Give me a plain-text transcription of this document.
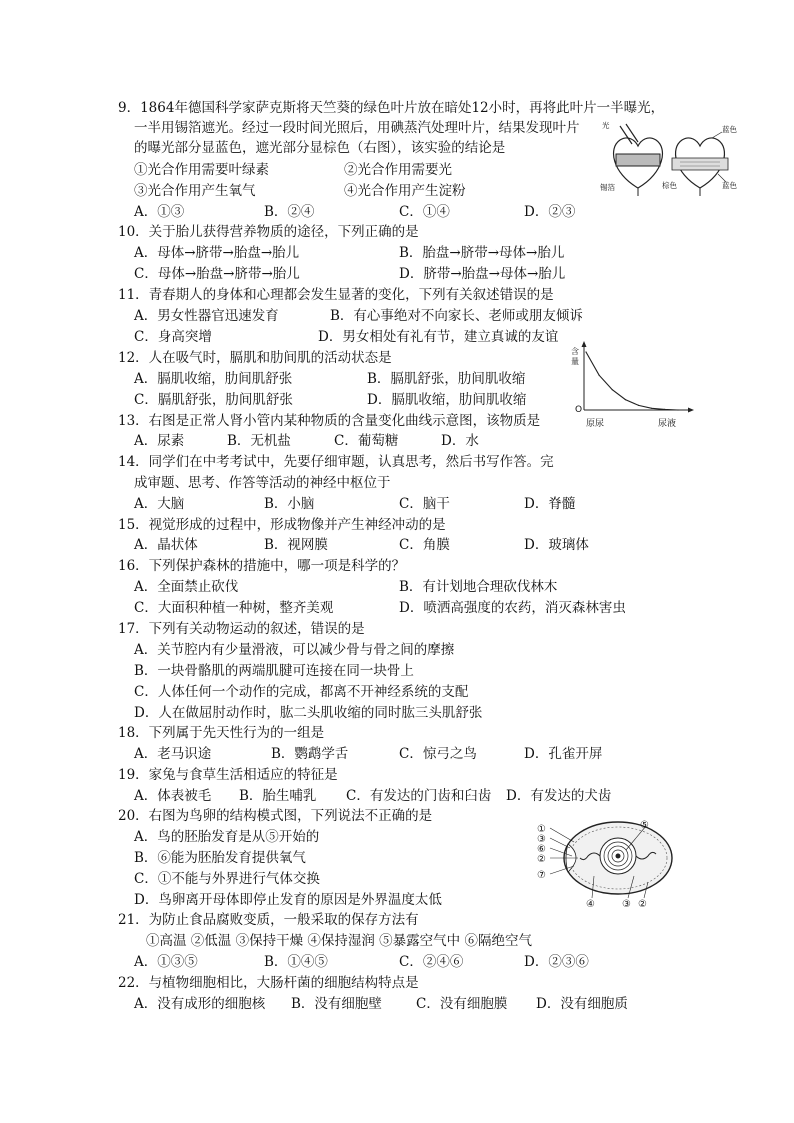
9．1864年德国科学家萨克斯将天竺葵的绿色叶片放在暗处12小时，再将此叶片一半曝光，
一半用锡箔遮光。经过一段时间光照后，用碘蒸汽处理叶片，结果发现叶片
的曝光部分显蓝色，遮光部分显棕色（右图），该实验的结论是
①光合作用需要叶绿素	②光合作用需要光
③光合作用产生氧气	④光合作用产生淀粉
A．①③	B．②④	C．①④	D．②③
光
锡箔
蓝色
棕色	蓝色
10．关于胎儿获得营养物质的途径，下列正确的是
A．母体→脐带→胎盘→胎儿	B．胎盘→脐带→母体→胎儿
C．母体→胎盘→脐带→胎儿	D．脐带→胎盘→母体→胎儿
11．青春期人的身体和心理都会发生显著的变化，下列有关叙述错误的是
A．男女性器官迅速发育	B．有心事绝对不向家长、老师或朋友倾诉
C．身高突增	D．男女相处有礼有节，建立真诚的友谊
12．人在吸气时，膈肌和肋间肌的活动状态是
A．膈肌收缩，肋间肌舒张	B．膈肌舒张，肋间肌收缩
C．膈肌舒张，肋间肌舒张	D．膈肌收缩，肋间肌收缩
含
量
O
原尿	尿液
13．右图是正常人肾小管内某种物质的含量变化曲线示意图，该物质是
A．尿素	B．无机盐	C．葡萄糖	D．水
14．同学们在中考考试中，先要仔细审题，认真思考，然后书写作答。完
成审题、思考、作答等活动的神经中枢位于
A．大脑	B．小脑	C．脑干	D．脊髓
15．视觉形成的过程中，形成物像并产生神经冲动的是
A．晶状体	B．视网膜	C．角膜	D．玻璃体
16．下列保护森林的措施中，哪一项是科学的？
A．全面禁止砍伐	B．有计划地合理砍伐林木
C．大面积种植一种树，整齐美观	D．喷洒高强度的农药，消灭森林害虫
17．下列有关动物运动的叙述，错误的是
A．关节腔内有少量滑液，可以减少骨与骨之间的摩擦
B．一块骨骼肌的两端肌腱可连接在同一块骨上
C．人体任何一个动作的完成，都离不开神经系统的支配
D．人在做屈肘动作时，肱二头肌收缩的同时肱三头肌舒张
18．下列属于先天性行为的一组是
A．老马识途	B．鹦鹉学舌	C．惊弓之鸟	D．孔雀开屏
19．家兔与食草生活相适应的特征是
A．体表被毛 B．胎生哺乳 C．有发达的门齿和臼齿 D．有发达的犬齿
20．右图为鸟卵的结构模式图，下列说法不正确的是
A．鸟的胚胎发育是从⑤开始的
B．⑥能为胚胎发育提供氧气
C．①不能与外界进行气体交换
D．鸟卵离开母体即停止发育的原因是外界温度太低
①
③
⑥
②
⑦
⑤
④	③ ②
21．为防止食品腐败变质，一般采取的保存方法有
①高温 ②低温 ③保持干燥 ④保持湿润 ⑤暴露空气中 ⑥隔绝空气
A．①③⑤	B．①④⑤	C．②④⑥	D．②③⑥
22．与植物细胞相比，大肠杆菌的细胞结构特点是
A．没有成形的细胞核 B．没有细胞壁	C．没有细胞膜 D．没有细胞质
